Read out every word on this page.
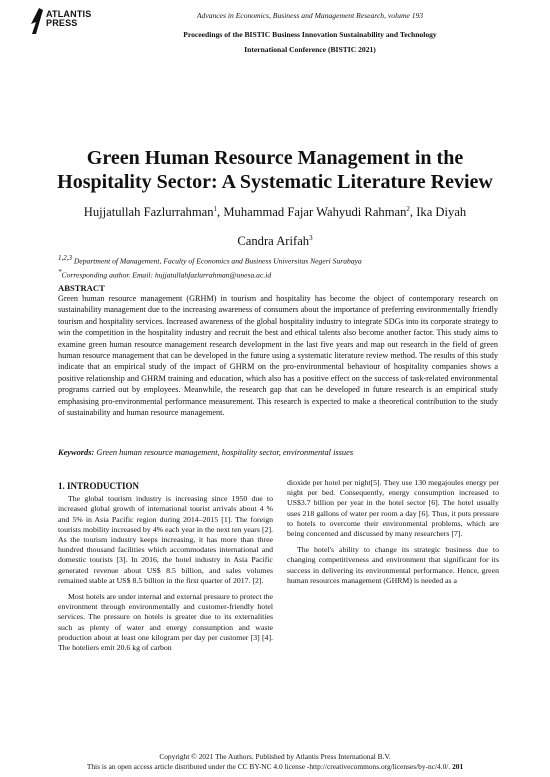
ATLANTIS
PRESS
Advances in Economics, Business and Management Research, volume 193
Proceedings of the BISTIC Business Innovation Sustainability and Technology
International Conference (BISTIC 2021)
Green Human Resource Management in the
Hospitality Sector: A Systematic Literature Review
Hujjatullah Fazlurrahman$^1$, Muhammad Fajar Wahyudi Rahman$^2$, Ika Diyah
Candra Arifah$^3$
$^{1,2,3}$ Department of Management, Faculty of Economics and Business Universitas Negeri Surabaya
*Corresponding author. Email: hujjatullahfazlurrahman@unesa.ac.id
ABSTRACT
Green human resource management (GRHM) in tourism and hospitality has become the object of contemporary research on sustainability management due to the increasing awareness of consumers about the importance of preferring environmentally friendly tourism and hospitality services. Increased awareness of the global hospitality industry to integrate SDGs into its corporate strategy to win the competition in the hospitality industry and recruit the best and ethical talents also become another factor. This study aims to examine green human resource management research development in the last five years and map out research in the field of green human resource management that can be developed in the future using a systematic literature review method. The results of this study indicate that an empirical study of the impact of GHRM on the pro-environmental behaviour of hospitality companies shows a positive relationship and GHRM training and education, which also has a positive effect on the success of task-related environmental programs carried out by employees. Meanwhile, the research gap that can be developed in future research is an empirical study emphasising pro-environmental performance measurement. This research is expected to make a theoretical contribution to the study of sustainability and human resource management.
Keywords: Green human resource management, hospitality sector, environmental issues
1. INTRODUCTION

The global tourism industry is increasing since 1950 due to increased global growth of international tourist arrivals about 4 % and 5% in Asia Pacific region during 2014–2015 [1]. The foreign tourists mobility increased by 4% each year in the next ten years [2]. As the tourism industry keeps increasing, it has more than three hundred thousand facilities which accommodates international and domestic tourists [3]. In 2016, the hotel industry in Asia Pacific generated revenue about US$ 8.5 billion, and sales volumes remained stable at US$ 8.5 billion in the first quarter of 2017. [2].

Most hotels are under internal and external pressure to protect the environment through environmentally and customer-friendly hotel services. The pressure on hotels is greater due to its externalities such as plenty of water and energy consumption and waste production about at least one kilogram per day per customer [3] [4]. The hoteliers emit 20.6 kg of carbon

dioxide per hotel per night[5]. They use 130 megajoules energy per night per bed. Consequently, energy consumption increased to US$3.7 billion per year in the hotel sector [6]. The hotel usually uses 218 gallons of water per room a day [6]. Thus, it puts pressure to hotels to overcome their environmental problems, which are being concerned and discussed by many researchers [7].

The hotel's ability to change its strategic business due to changing competitiveness and environment that significant for its success in delivering its environmental performance. Hence, green human resources management (GHRM) is needed as a

Copyright © 2021 The Authors. Published by Atlantis Press International B.V.
This is an open access article distributed under the CC BY-NC 4.0 license -http://creativecommons.org/licenses/by-nc/4.0/. 201
